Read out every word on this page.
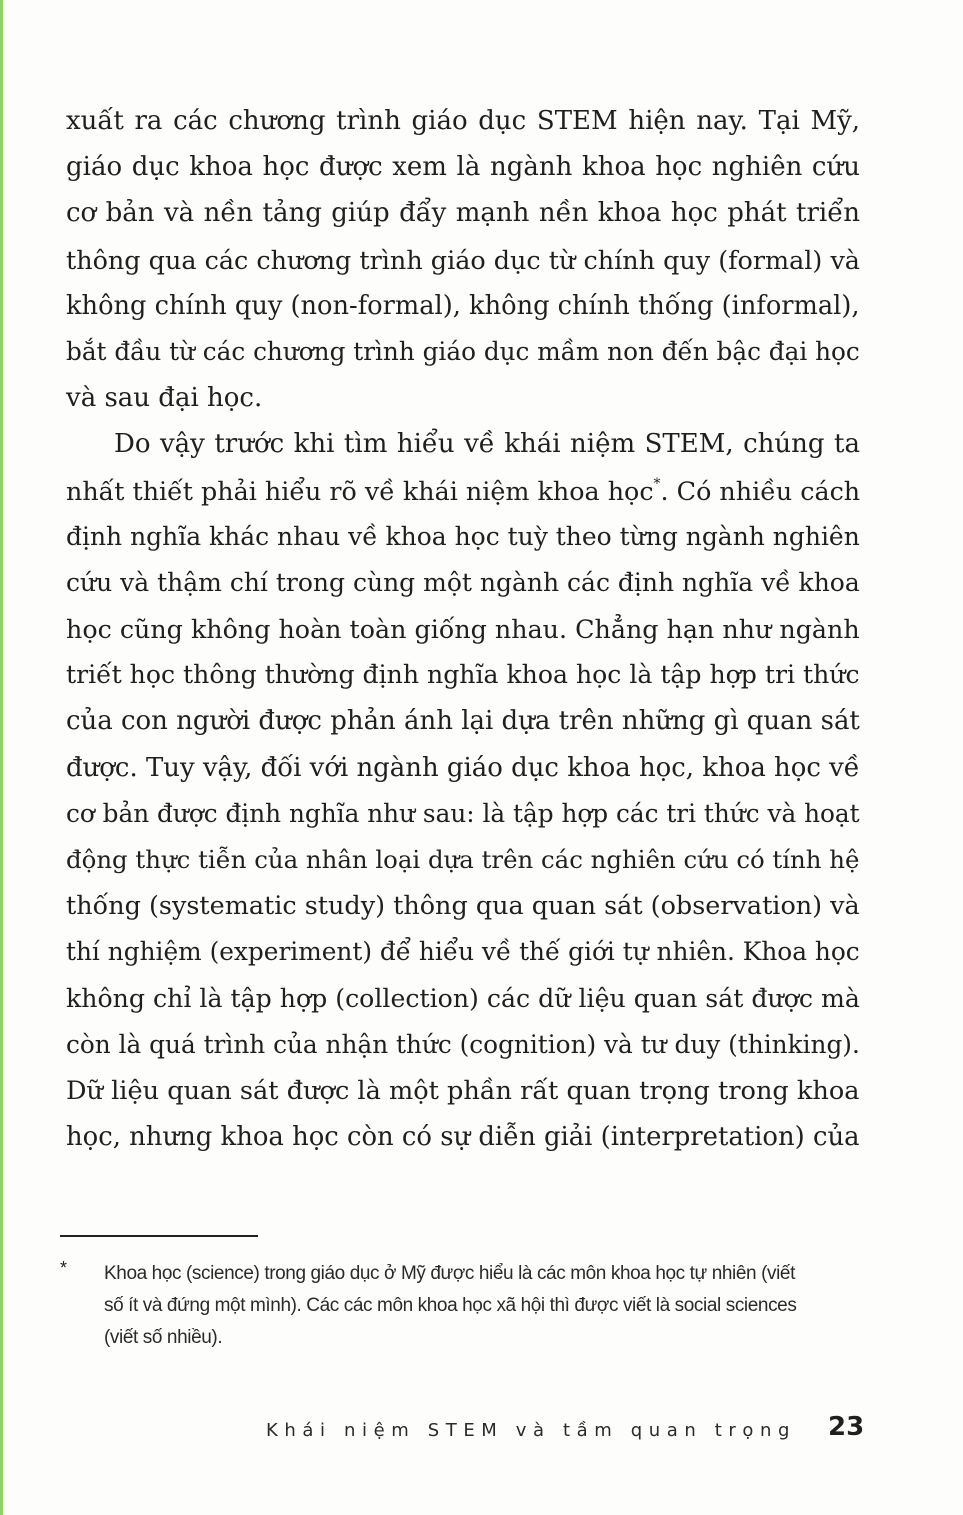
xuất ra các chương trình giáo dục STEM hiện nay. Tại Mỹ,
giáo dục khoa học được xem là ngành khoa học nghiên cứu
cơ bản và nền tảng giúp đẩy mạnh nền khoa học phát triển
thông qua các chương trình giáo dục từ chính quy (formal) và
không chính quy (non-formal), không chính thống (informal),
bắt đầu từ các chương trình giáo dục mầm non đến bậc đại học
và sau đại học.
Do vậy trước khi tìm hiểu về khái niệm STEM, chúng ta
nhất thiết phải hiểu rõ về khái niệm khoa học*. Có nhiều cách
định nghĩa khác nhau về khoa học tuỳ theo từng ngành nghiên
cứu và thậm chí trong cùng một ngành các định nghĩa về khoa
học cũng không hoàn toàn giống nhau. Chẳng hạn như ngành
triết học thông thường định nghĩa khoa học là tập hợp tri thức
của con người được phản ánh lại dựa trên những gì quan sát
được. Tuy vậy, đối với ngành giáo dục khoa học, khoa học về
cơ bản được định nghĩa như sau: là tập hợp các tri thức và hoạt
động thực tiễn của nhân loại dựa trên các nghiên cứu có tính hệ
thống (systematic study) thông qua quan sát (observation) và
thí nghiệm (experiment) để hiểu về thế giới tự nhiên. Khoa học
không chỉ là tập hợp (collection) các dữ liệu quan sát được mà
còn là quá trình của nhận thức (cognition) và tư duy (thinking).
Dữ liệu quan sát được là một phần rất quan trọng trong khoa
học, nhưng khoa học còn có sự diễn giải (interpretation) của
* Khoa học (science) trong giáo dục ở Mỹ được hiểu là các môn khoa học tự nhiên (viết
số ít và đứng một mình). Các các môn khoa học xã hội thì được viết là social sciences
(viết số nhiều).
Khái niệm STEM và tầm quan trọng 23
